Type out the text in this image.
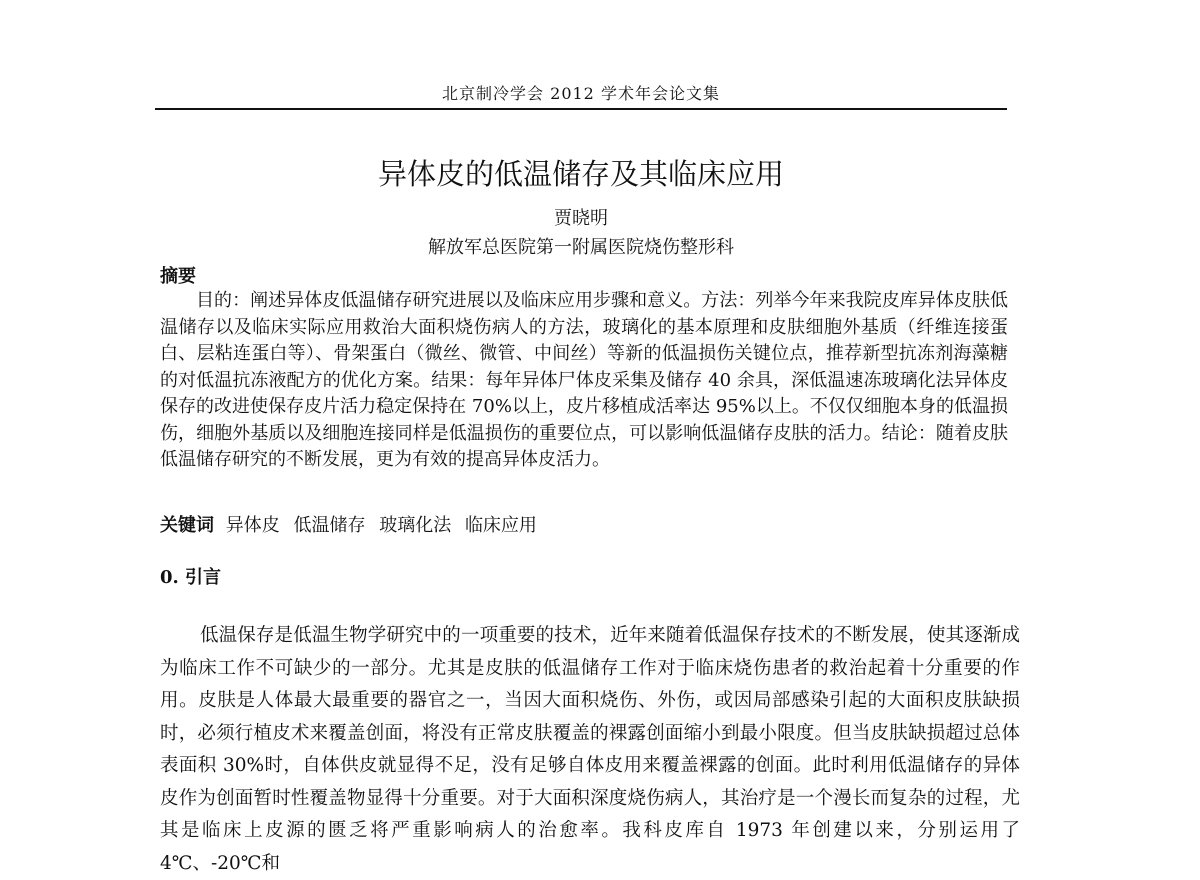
北京制冷学会 2012 学术年会论文集
异体皮的低温储存及其临床应用
贾晓明
解放军总医院第一附属医院烧伤整形科
摘要

目的：阐述异体皮低温储存研究进展以及临床应用步骤和意义。方法：列举今年来我院皮库异体皮肤低温储存以及临床实际应用救治大面积烧伤病人的方法，玻璃化的基本原理和皮肤细胞外基质（纤维连接蛋白、层粘连蛋白等）、骨架蛋白（微丝、微管、中间丝）等新的低温损伤关键位点，推荐新型抗冻剂海藻糖的对低温抗冻液配方的优化方案。结果：每年异体尸体皮采集及储存 40 余具，深低温速冻玻璃化法异体皮保存的改进使保存皮片活力稳定保持在 70%以上，皮片移植成活率达 95%以上。不仅仅细胞本身的低温损伤，细胞外基质以及细胞连接同样是低温损伤的重要位点，可以影响低温储存皮肤的活力。结论：随着皮肤低温储存研究的不断发展，更为有效的提高异体皮活力。

关键词 异体皮 低温储存 玻璃化法 临床应用
0. 引言

低温保存是低温生物学研究中的一项重要的技术，近年来随着低温保存技术的不断发展，使其逐渐成为临床工作不可缺少的一部分。尤其是皮肤的低温储存工作对于临床烧伤患者的救治起着十分重要的作用。皮肤是人体最大最重要的器官之一，当因大面积烧伤、外伤，或因局部感染引起的大面积皮肤缺损时，必须行植皮术来覆盖创面，将没有正常皮肤覆盖的裸露创面缩小到最小限度。但当皮肤缺损超过总体表面积 30%时，自体供皮就显得不足，没有足够自体皮用来覆盖裸露的创面。此时利用低温储存的异体皮作为创面暂时性覆盖物显得十分重要。对于大面积深度烧伤病人，其治疗是一个漫长而复杂的过程，尤其是临床上皮源的匮乏将严重影响病人的治愈率。我科皮库自 1973 年创建以来，分别运用了 4℃、-20℃和
